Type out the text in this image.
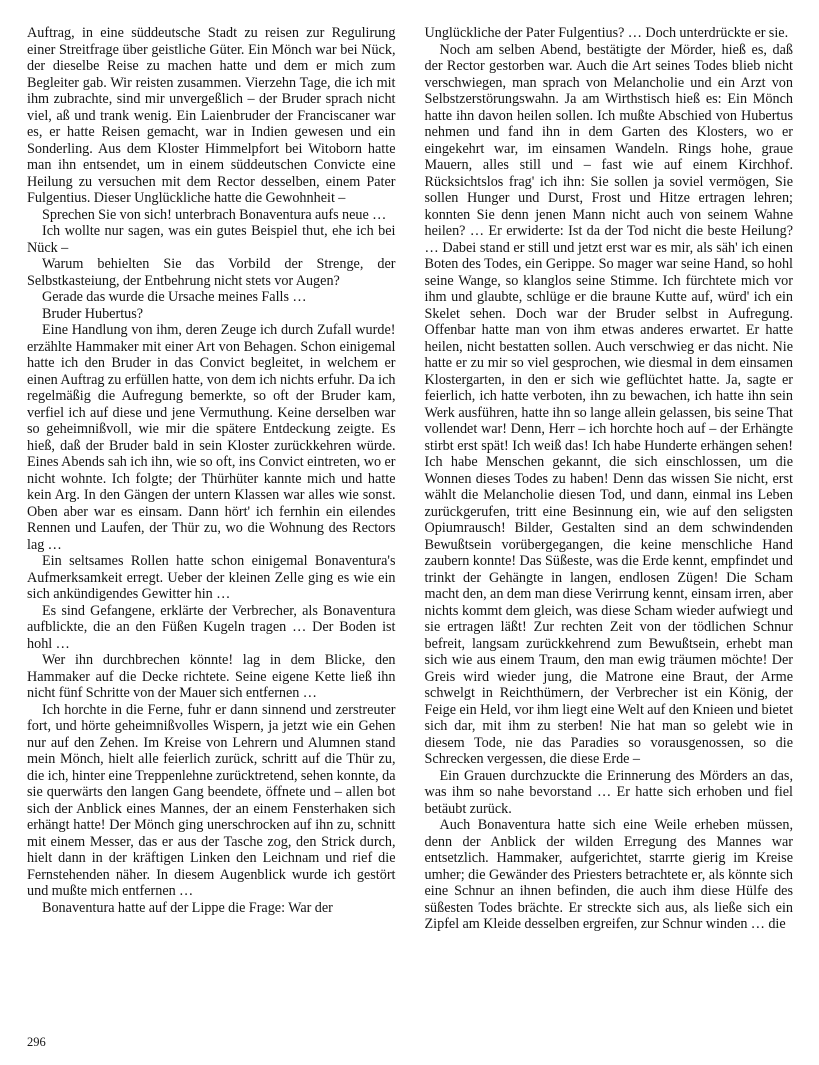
Auftrag, in eine süddeutsche Stadt zu reisen zur Regulirung einer Streitfrage über geistliche Güter. Ein Mönch war bei Nück, der dieselbe Reise zu machen hatte und dem er mich zum Begleiter gab. Wir reisten zusammen. Vierzehn Tage, die ich mit ihm zubrachte, sind mir unvergeßlich – der Bruder sprach nicht viel, aß und trank wenig. Ein Laienbruder der Franciscaner war es, er hatte Reisen gemacht, war in Indien gewesen und ein Sonderling. Aus dem Kloster Himmelpfort bei Witoborn hatte man ihn entsendet, um in einem süddeutschen Convicte eine Heilung zu versuchen mit dem Rector desselben, einem Pater Fulgentius. Dieser Unglückliche hatte die Gewohnheit –

Sprechen Sie von sich! unterbrach Bonaventura aufs neue …

Ich wollte nur sagen, was ein gutes Beispiel thut, ehe ich bei Nück –

Warum behielten Sie das Vorbild der Strenge, der Selbstkasteiung, der Entbehrung nicht stets vor Augen?

Gerade das wurde die Ursache meines Falls …

Bruder Hubertus?

Eine Handlung von ihm, deren Zeuge ich durch Zufall wurde! erzählte Hammaker mit einer Art von Behagen. Schon einigemal hatte ich den Bruder in das Convict begleitet, in welchem er einen Auftrag zu erfüllen hatte, von dem ich nichts erfuhr. Da ich regelmäßig die Aufregung bemerkte, so oft der Bruder kam, verfiel ich auf diese und jene Vermuthung. Keine derselben war so geheimnißvoll, wie mir die spätere Entdeckung zeigte. Es hieß, daß der Bruder bald in sein Kloster zurückkehren würde. Eines Abends sah ich ihn, wie so oft, ins Convict eintreten, wo er nicht wohnte. Ich folgte; der Thürhüter kannte mich und hatte kein Arg. In den Gängen der untern Klassen war alles wie sonst. Oben aber war es einsam. Dann hört' ich fernhin ein eilendes Rennen und Laufen, der Thür zu, wo die Wohnung des Rectors lag …

Ein seltsames Rollen hatte schon einigemal Bonaventura's Aufmerksamkeit erregt. Ueber der kleinen Zelle ging es wie ein sich ankündigendes Gewitter hin …

Es sind Gefangene, erklärte der Verbrecher, als Bonaventura aufblickte, die an den Füßen Kugeln tragen … Der Boden ist hohl …

Wer ihn durchbrechen könnte! lag in dem Blicke, den Hammaker auf die Decke richtete. Seine eigene Kette ließ ihn nicht fünf Schritte von der Mauer sich entfernen …

Ich horchte in die Ferne, fuhr er dann sinnend und zerstreuter fort, und hörte geheimnißvolles Wispern, ja jetzt wie ein Gehen nur auf den Zehen. Im Kreise von Lehrern und Alumnen stand mein Mönch, hielt alle feierlich zurück, schritt auf die Thür zu, die ich, hinter eine Treppenlehne zurücktretend, sehen konnte, da sie querwärts den langen Gang beendete, öffnete und – allen bot sich der Anblick eines Mannes, der an einem Fensterhaken sich erhängt hatte! Der Mönch ging unerschrocken auf ihn zu, schnitt mit einem Messer, das er aus der Tasche zog, den Strick durch, hielt dann in der kräftigen Linken den Leichnam und rief die Fernstehenden näher. In diesem Augenblick wurde ich gestört und mußte mich entfernen …

Bonaventura hatte auf der Lippe die Frage: War der

Unglückliche der Pater Fulgentius? … Doch unterdrückte er sie.

Noch am selben Abend, bestätigte der Mörder, hieß es, daß der Rector gestorben war. Auch die Art seines Todes blieb nicht verschwiegen, man sprach von Melancholie und ein Arzt von Selbstzerstörungswahn. Ja am Wirthstisch hieß es: Ein Mönch hatte ihn davon heilen sollen. Ich mußte Abschied von Hubertus nehmen und fand ihn in dem Garten des Klosters, wo er eingekehrt war, im einsamen Wandeln. Rings hohe, graue Mauern, alles still und – fast wie auf einem Kirchhof. Rücksichtslos frag' ich ihn: Sie sollen ja soviel vermögen, Sie sollen Hunger und Durst, Frost und Hitze ertragen lehren; konnten Sie denn jenen Mann nicht auch von seinem Wahne heilen? … Er erwiderte: Ist da der Tod nicht die beste Heilung? … Dabei stand er still und jetzt erst war es mir, als säh' ich einen Boten des Todes, ein Gerippe. So mager war seine Hand, so hohl seine Wange, so klanglos seine Stimme. Ich fürchtete mich vor ihm und glaubte, schlüge er die braune Kutte auf, würd' ich ein Skelet sehen. Doch war der Bruder selbst in Aufregung. Offenbar hatte man von ihm etwas anderes erwartet. Er hatte heilen, nicht bestatten sollen. Auch verschwieg er das nicht. Nie hatte er zu mir so viel gesprochen, wie diesmal in dem einsamen Klostergarten, in den er sich wie geflüchtet hatte. Ja, sagte er feierlich, ich hatte verboten, ihn zu bewachen, ich hatte ihn sein Werk ausführen, hatte ihn so lange allein gelassen, bis seine That vollendet war! Denn, Herr – ich horchte hoch auf – der Erhängte stirbt erst spät! Ich weiß das! Ich habe Hunderte erhängen sehen! Ich habe Menschen gekannt, die sich einschlossen, um die Wonnen dieses Todes zu haben! Denn das wissen Sie nicht, erst wählt die Melancholie diesen Tod, und dann, einmal ins Leben zurückgerufen, tritt eine Besinnung ein, wie auf den seligsten Opiumrausch! Bilder, Gestalten sind an dem schwindenden Bewußtsein vorübergegangen, die keine menschliche Hand zaubern konnte! Das Süßeste, was die Erde kennt, empfindet und trinkt der Gehängte in langen, endlosen Zügen! Die Scham macht den, an dem man diese Verirrung kennt, einsam irren, aber nichts kommt dem gleich, was diese Scham wieder aufwiegt und sie ertragen läßt! Zur rechten Zeit von der tödlichen Schnur befreit, langsam zurückkehrend zum Bewußtsein, erhebt man sich wie aus einem Traum, den man ewig träumen möchte! Der Greis wird wieder jung, die Matrone eine Braut, der Arme schwelgt in Reichthümern, der Verbrecher ist ein König, der Feige ein Held, vor ihm liegt eine Welt auf den Knieen und bietet sich dar, mit ihm zu sterben! Nie hat man so gelebt wie in diesem Tode, nie das Paradies so vorausgenossen, so die Schrecken vergessen, die diese Erde –

Ein Grauen durchzuckte die Erinnerung des Mörders an das, was ihm so nahe bevorstand … Er hatte sich erhoben und fiel betäubt zurück.

Auch Bonaventura hatte sich eine Weile erheben müssen, denn der Anblick der wilden Erregung des Mannes war entsetzlich. Hammaker, aufgerichtet, starrte gierig im Kreise umher; die Gewänder des Priesters betrachtete er, als könnte sich eine Schnur an ihnen befinden, die auch ihm diese Hülfe des süßesten Todes brächte. Er streckte sich aus, als ließe sich ein Zipfel am Kleide desselben ergreifen, zur Schnur winden … die

296
